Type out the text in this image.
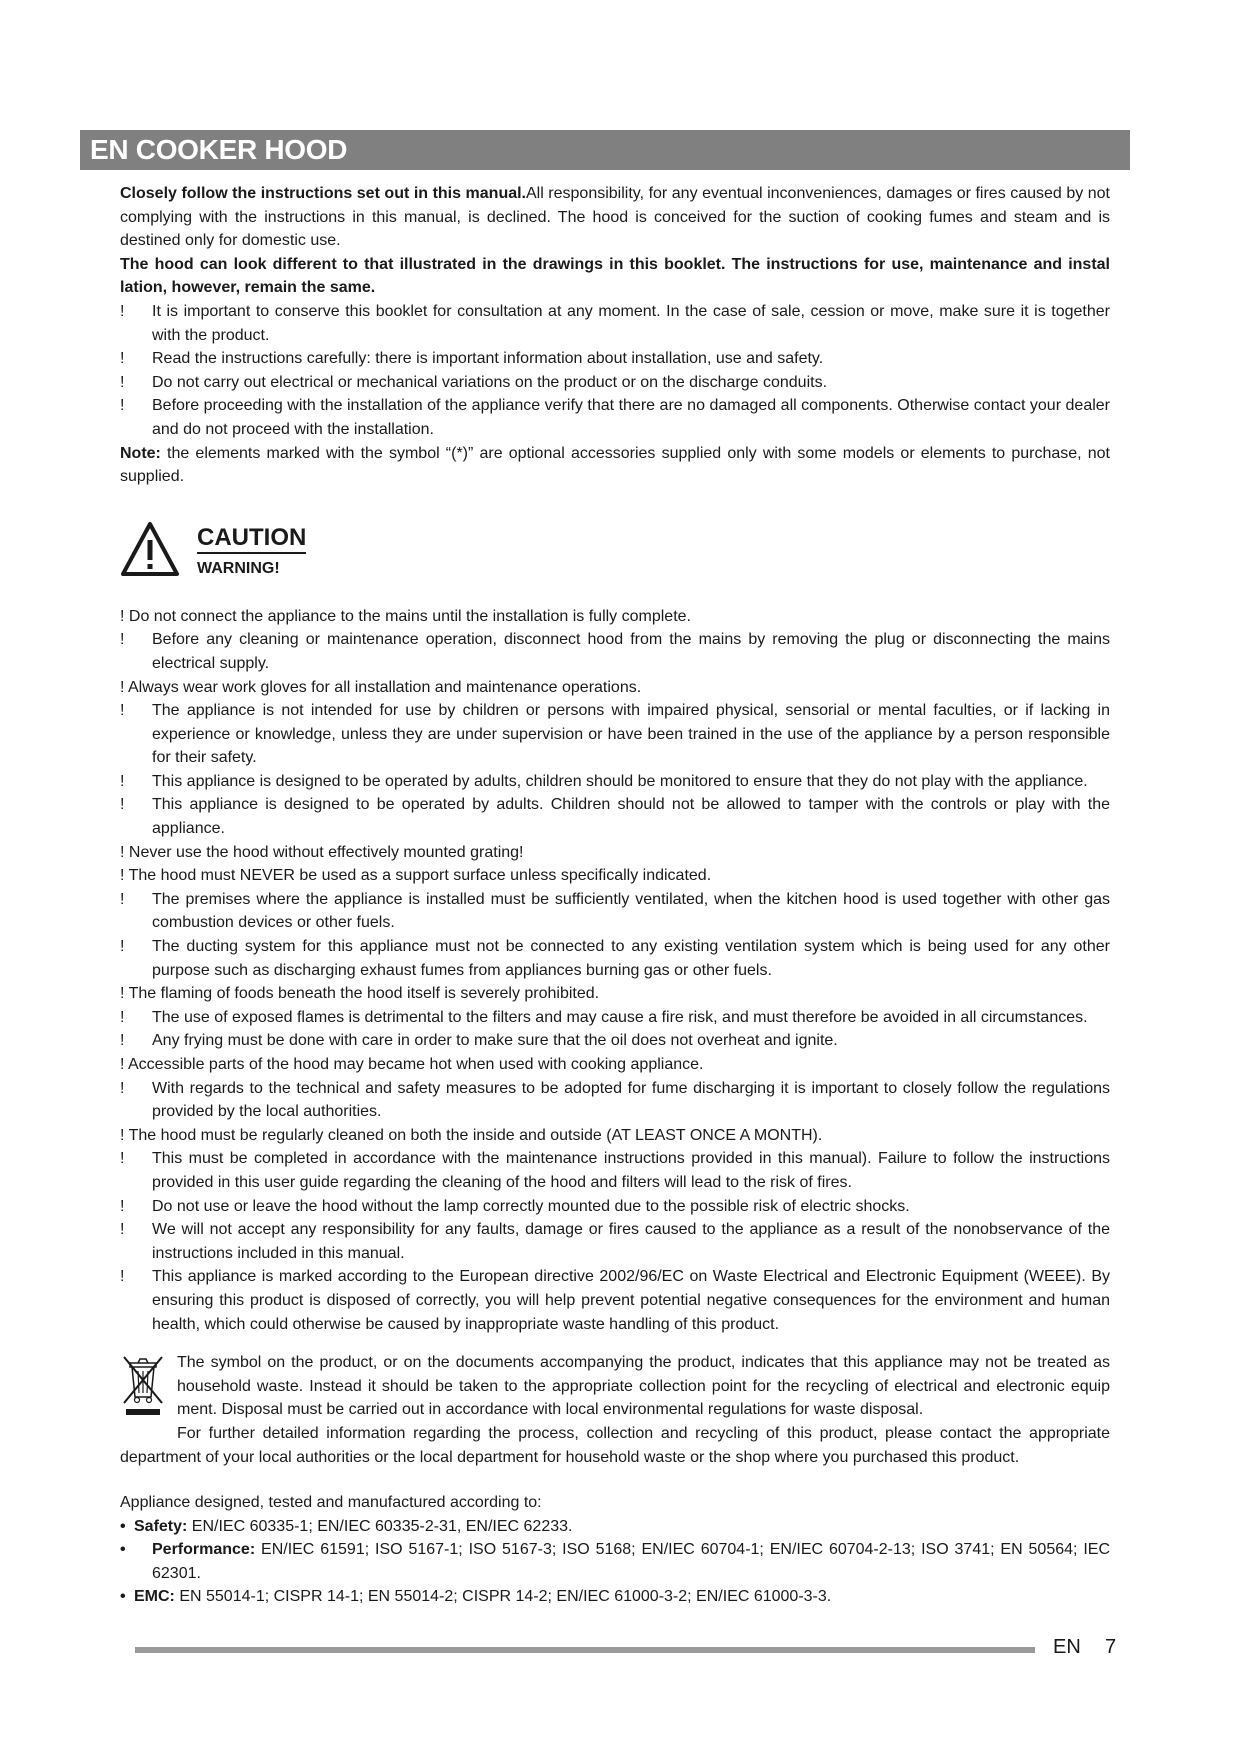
EN COOKER HOOD

Closely follow the instructions set out in this manual.All responsibility, for any eventual inconveniences, damages or fires caused by not complying with the instructions in this manual, is declined. The hood is conceived for the suction of cooking fumes and steam and is destined only for domestic use.

The hood can look different to that illustrated in the drawings in this booklet. The instructions for use, maintenance and instal lation, however, remain the same.

! It is important to conserve this booklet for consultation at any moment. In the case of sale, cession or move, make sure it is together with the product.

! Read the instructions carefully: there is important information about installation, use and safety.

! Do not carry out electrical or mechanical variations on the product or on the discharge conduits.

! Before proceeding with the installation of the appliance verify that there are no damaged all components. Otherwise contact your dealer and do not proceed with the installation.

Note: the elements marked with the symbol “(*)” are optional accessories supplied only with some models or elements to purchase, not supplied.

CAUTION
WARNING!

! Do not connect the appliance to the mains until the installation is fully complete.

! Before any cleaning or maintenance operation, disconnect hood from the mains by removing the plug or disconnecting the mains electrical supply.

! Always wear work gloves for all installation and maintenance operations.

! The appliance is not intended for use by children or persons with impaired physical, sensorial or mental faculties, or if lacking in experience or knowledge, unless they are under supervision or have been trained in the use of the appliance by a person responsible for their safety.

! This appliance is designed to be operated by adults, children should be monitored to ensure that they do not play with the appliance.

! This appliance is designed to be operated by adults. Children should not be allowed to tamper with the controls or play with the appliance.

! Never use the hood without effectively mounted grating!

! The hood must NEVER be used as a support surface unless specifically indicated.

! The premises where the appliance is installed must be sufficiently ventilated, when the kitchen hood is used together with other gas combustion devices or other fuels.

! The ducting system for this appliance must not be connected to any existing ventilation system which is being used for any other purpose such as discharging exhaust fumes from appliances burning gas or other fuels.

! The flaming of foods beneath the hood itself is severely prohibited.

! The use of exposed flames is detrimental to the filters and may cause a fire risk, and must therefore be avoided in all circumstances.

! Any frying must be done with care in order to make sure that the oil does not overheat and ignite.

! Accessible parts of the hood may became hot when used with cooking appliance.

! With regards to the technical and safety measures to be adopted for fume discharging it is important to closely follow the regulations provided by the local authorities.

! The hood must be regularly cleaned on both the inside and outside (AT LEAST ONCE A MONTH).

! This must be completed in accordance with the maintenance instructions provided in this manual). Failure to follow the instructions provided in this user guide regarding the cleaning of the hood and filters will lead to the risk of fires.

! Do not use or leave the hood without the lamp correctly mounted due to the possible risk of electric shocks.

! We will not accept any responsibility for any faults, damage or fires caused to the appliance as a result of the nonobservance of the instructions included in this manual.

! This appliance is marked according to the European directive 2002/96/EC on Waste Electrical and Electronic Equipment (WEEE). By ensuring this product is disposed of correctly, you will help prevent potential negative consequences for the environment and human health, which could otherwise be caused by inappropriate waste handling of this product.

The symbol on the product, or on the documents accompanying the product, indicates that this appliance may not be treated as household waste. Instead it should be taken to the appropriate collection point for the recycling of electrical and electronic equip ment. Disposal must be carried out in accordance with local environmental regulations for waste disposal.

For further detailed information regarding the process, collection and recycling of this product, please contact the appropriate department of your local authorities or the local department for household waste or the shop where you purchased this product.

Appliance designed, tested and manufactured according to:

• Safety: EN/IEC 60335-1; EN/IEC 60335-2-31, EN/IEC 62233.

• Performance: EN/IEC 61591; ISO 5167-1; ISO 5167-3; ISO 5168; EN/IEC 60704-1; EN/IEC 60704-2-13; ISO 3741; EN 50564; IEC 62301.

• EMC: EN 55014-1; CISPR 14-1; EN 55014-2; CISPR 14-2; EN/IEC 61000-3-2; EN/IEC 61000-3-3.

EN 7
